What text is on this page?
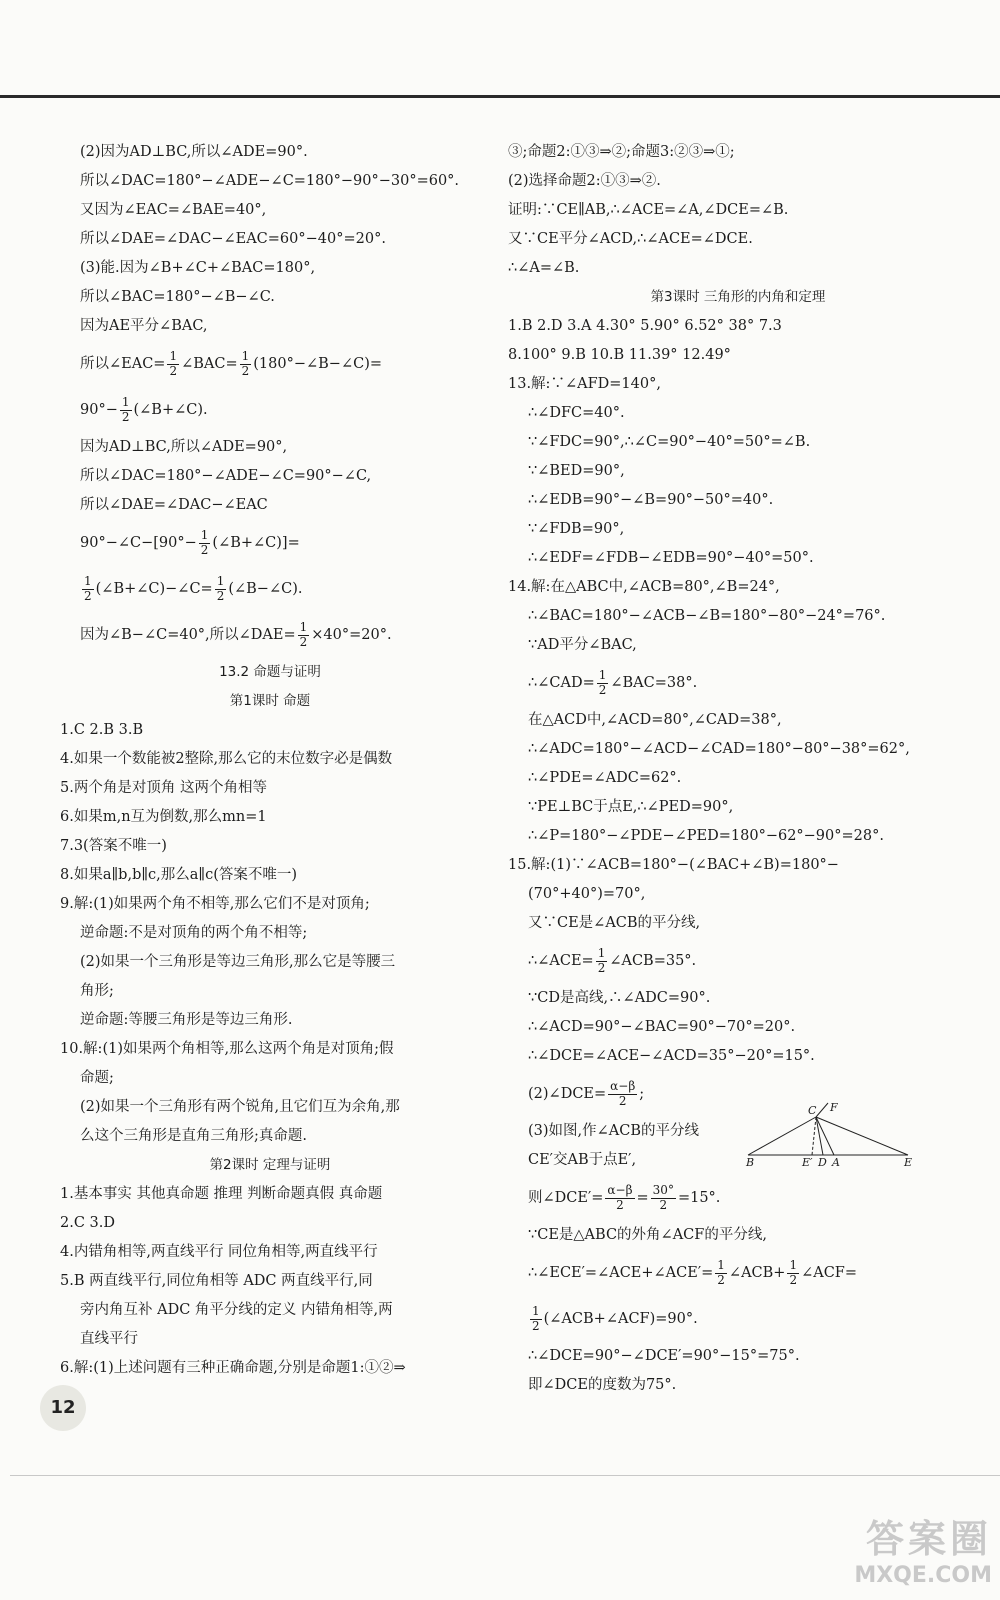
(2)因为AD⊥BC,所以∠ADE=90°.
所以∠DAC=180°−∠ADE−∠C=180°−90°−30°=60°.
又因为∠EAC=∠BAE=40°,
所以∠DAE=∠DAC−∠EAC=60°−40°=20°.
(3)能.因为∠B+∠C+∠BAC=180°,
所以∠BAC=180°−∠B−∠C.
因为AE平分∠BAC,
所以∠EAC= $\frac{1}{2}$ ∠BAC= $\frac{1}{2}$ (180°−∠B−∠C)=
$90^\circ- \frac{1}{2}$ (∠B+∠C).
因为AD⊥BC,所以∠ADE=90°,
所以∠DAC=180°−∠ADE−∠C=90°−∠C,
所以∠DAE=∠DAC−∠EAC
90°−∠C−[90°− $\frac{1}{2}$ (∠B+∠C)]=
$\frac{1}{2}$ (∠B+∠C)−∠C= $\frac{1}{2}$ (∠B−∠C).
因为∠B−∠C=40°,所以∠DAE= $\frac{1}{2} \times 40^\circ=20^\circ$.
13.2 命题与证明
第1课时 命题
1.C 2.B 3.B
4.如果一个数能被2整除,那么它的末位数字必是偶数
5.两个角是对顶角 这两个角相等
6.如果m,n互为倒数,那么mn=1
7.3(答案不唯一)
8.如果a∥b,b∥c,那么a∥c(答案不唯一)
9.解:(1)如果两个角不相等,那么它们不是对顶角;
逆命题:不是对顶角的两个角不相等;
(2)如果一个三角形是等边三角形,那么它是等腰三
角形;
逆命题:等腰三角形是等边三角形.
10.解:(1)如果两个角相等,那么这两个角是对顶角;假
命题;
(2)如果一个三角形有两个锐角,且它们互为余角,那
么这个三角形是直角三角形;真命题.
第2课时 定理与证明
1.基本事实 其他真命题 推理 判断命题真假 真命题
2.C 3.D
4.内错角相等,两直线平行 同位角相等,两直线平行
5.B 两直线平行,同位角相等 ADC 两直线平行,同
旁内角互补 ADC 角平分线的定义 内错角相等,两
直线平行
6.解:(1)上述问题有三种正确命题,分别是命题1:①②⇒
③;命题2:①③⇒②;命题3:②③⇒①;
(2)选择命题2:①③⇒②.
证明:∵CE∥AB,∴∠ACE=∠A,∠DCE=∠B.
又∵CE平分∠ACD,∴∠ACE=∠DCE.
∴∠A=∠B.
第3课时 三角形的内角和定理
1.B 2.D 3.A 4.30° 5.90° 6.52° 38° 7.3
8.100° 9.B 10.B 11.39° 12.49°
13.解:∵∠AFD=140°,
∴∠DFC=40°.
∵∠FDC=90°,∴∠C=90°−40°=50°=∠B.
∵∠BED=90°,
∴∠EDB=90°−∠B=90°−50°=40°.
∵∠FDB=90°,
∴∠EDF=∠FDB−∠EDB=90°−40°=50°.
14.解:在△ABC中,∠ACB=80°,∠B=24°,
∴∠BAC=180°−∠ACB−∠B=180°−80°−24°=76°.
∵AD平分∠BAC,
∴∠CAD= $\frac{1}{2}$ ∠BAC=38°.
在△ACD中,∠ACD=80°,∠CAD=38°,
∴∠ADC=180°−∠ACD−∠CAD=180°−80°−38°=62°,
∴∠PDE=∠ADC=62°.
∵PE⊥BC于点E,∴∠PED=90°,
∴∠P=180°−∠PDE−∠PED=180°−62°−90°=28°.
15.解:(1)∵∠ACB=180°−(∠BAC+∠B)=180°−
(70°+40°)=70°,
又∵CE是∠ACB的平分线,
∴∠ACE= $\frac{1}{2}$ ∠ACB=35°.
∵CD是高线,∴∠ADC=90°.
∴∠ACD=90°−∠BAC=90°−70°=20°.
∴∠DCE=∠ACE−∠ACD=35°−20°=15°.
(2)∠DCE= $\frac{\alpha-\beta}{2}$ ;
(3)如图,作∠ACB的平分线
CE′交AB于点E′,
则∠DCE′= $\frac{\alpha-\beta}{2} = \frac{30^\circ}{2} =15^\circ$.
∵CE是△ABC的外角∠ACF的平分线,
∴∠ECE′=∠ACE+∠ACE′= $\frac{1}{2}$ ∠ACB+ $\frac{1}{2}$ ∠ACF=
$\frac{1}{2}$ (∠ACB+∠ACF)=90°.
∴∠DCE=90°−∠DCE′=90°−15°=75°.
即∠DCE的度数为75°.
C F
B	E′ D A	E
12
答案圈
MXQE.COM
